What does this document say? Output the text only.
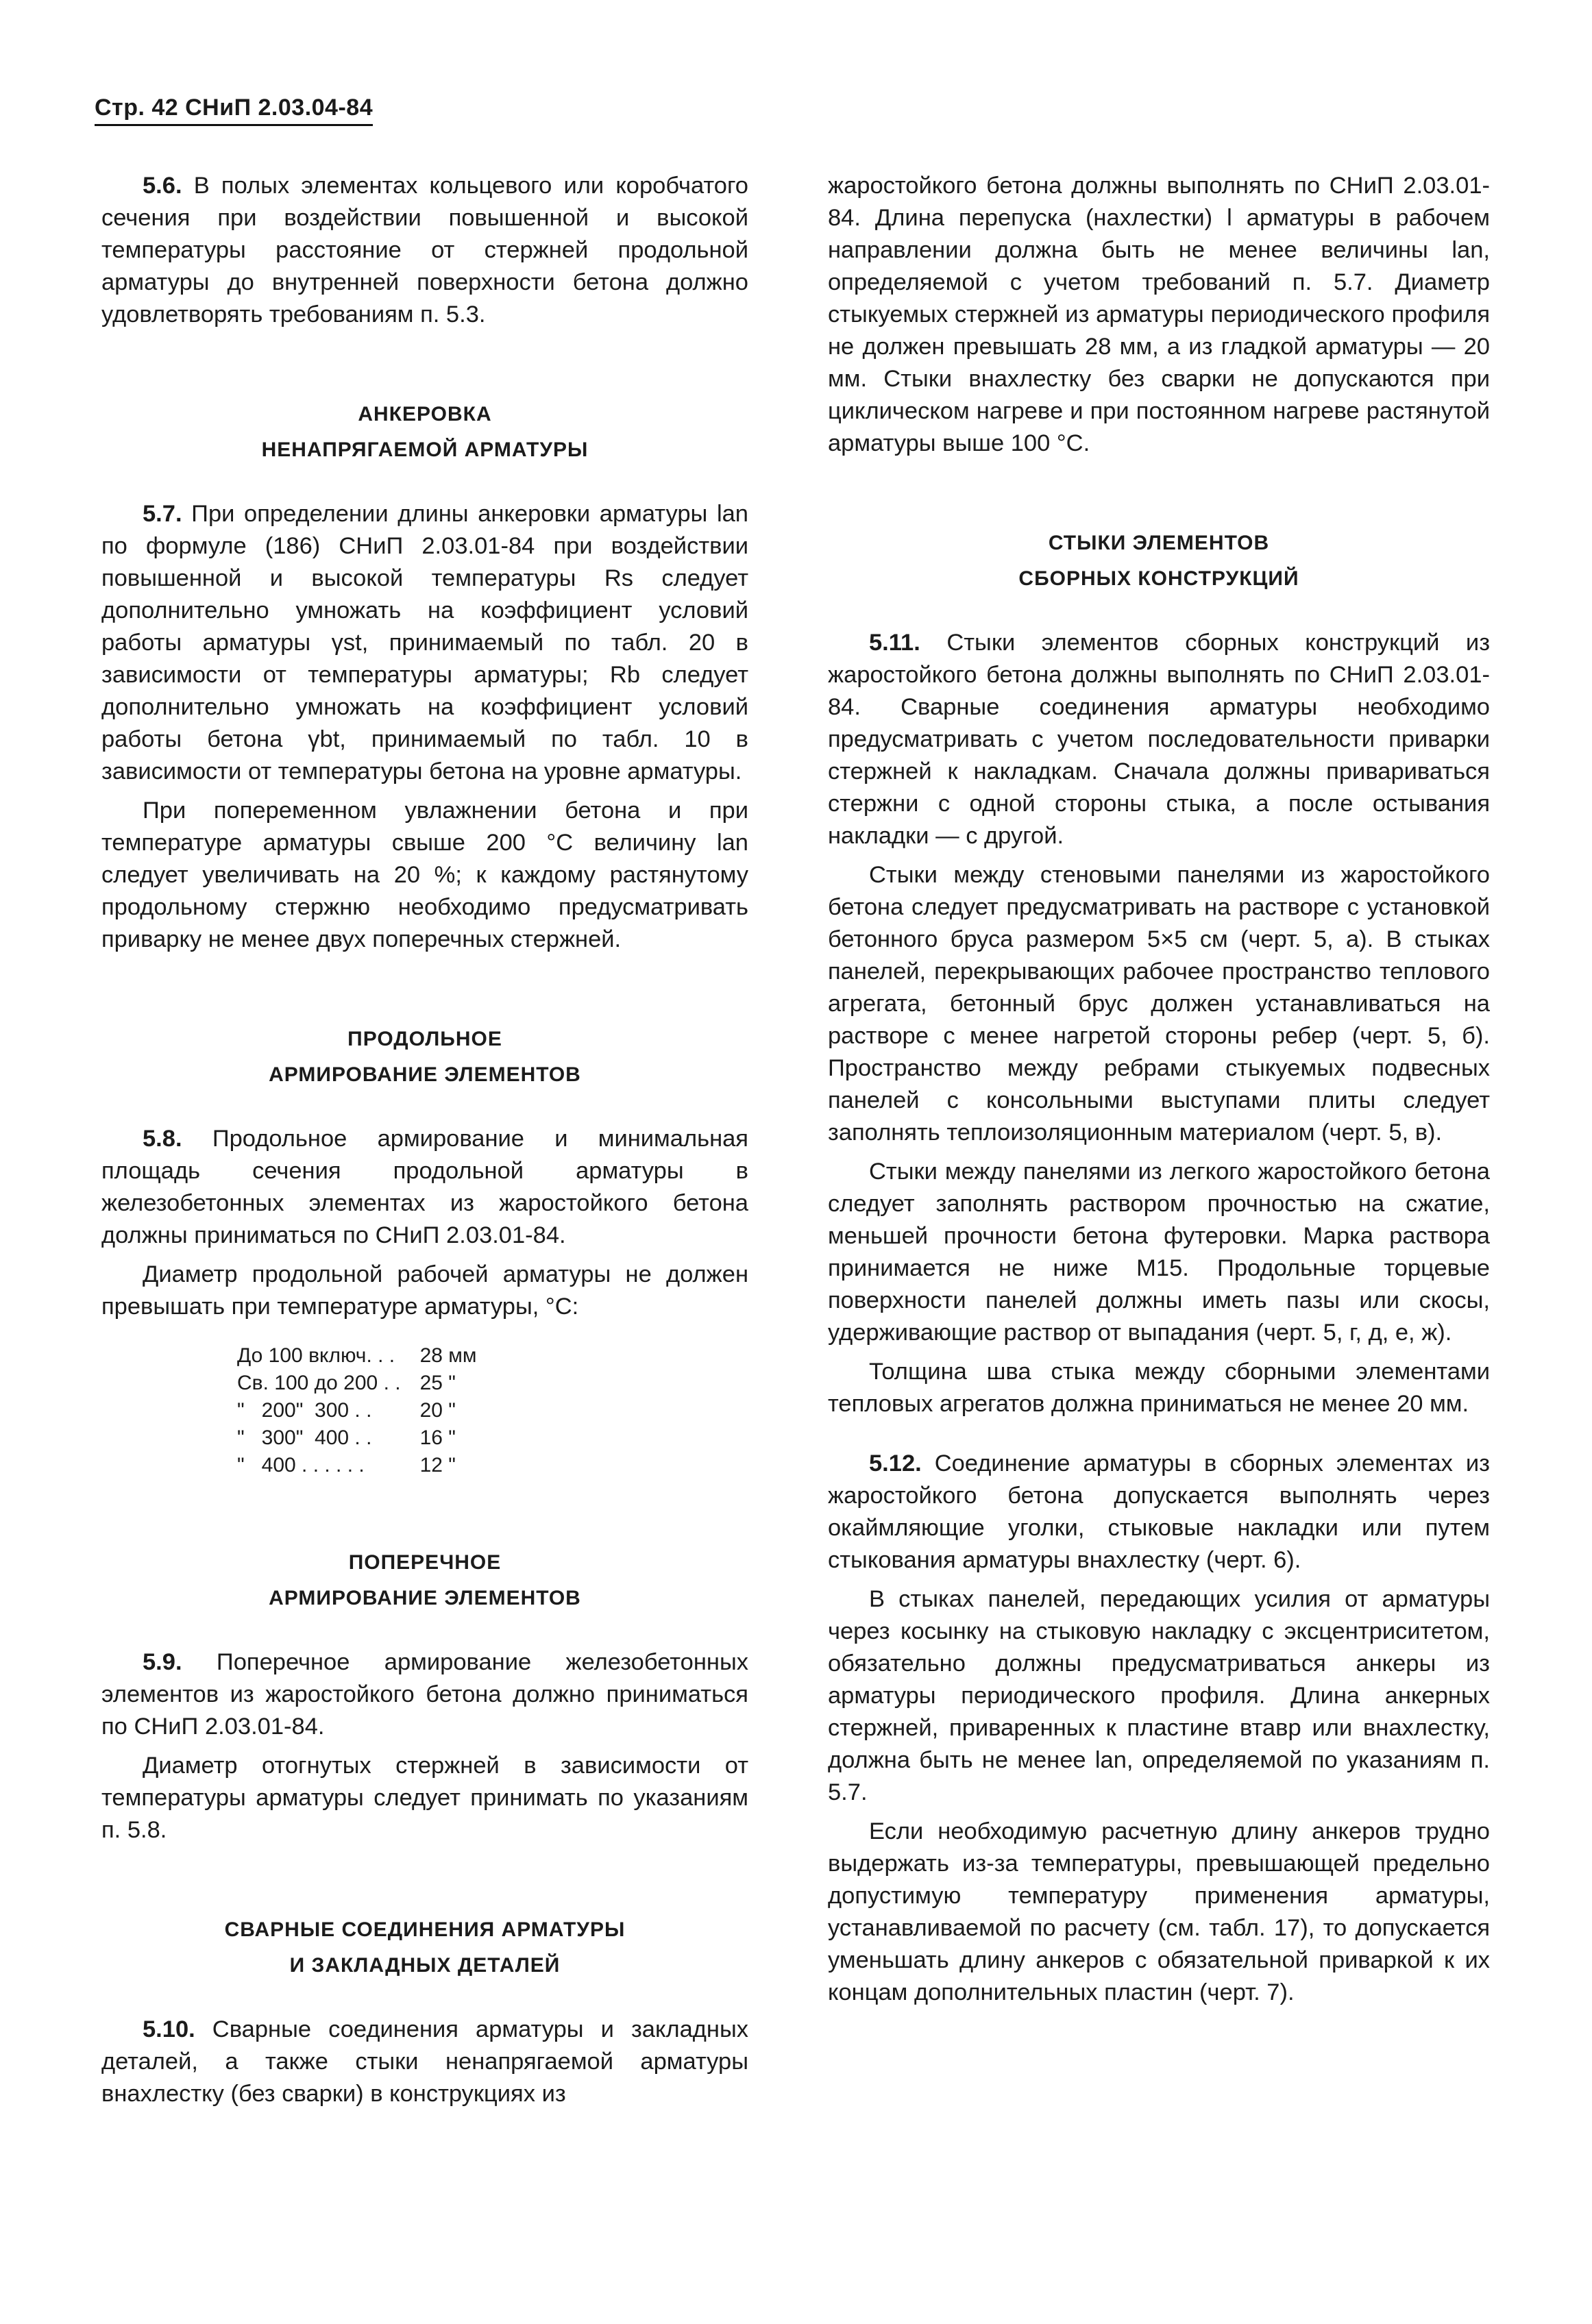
Стр. 42 СНиП 2.03.04-84

5.6. В полых элементах кольцевого или коробчатого сечения при воздействии повышенной и высокой температуры расстояние от стержней продольной арматуры до внутренней поверхности бетона должно удовлетворять требованиям п. 5.3.

АНКЕРОВКА

НЕНАПРЯГАЕМОЙ АРМАТУРЫ

5.7. При определении длины анкеровки арматуры lan по формуле (186) СНиП 2.03.01-84 при воздействии повышенной и высокой температуры Rs следует дополнительно умножать на коэффициент условий работы арматуры γst, принимаемый по табл. 20 в зависимости от температуры арматуры; Rb следует дополнительно умножать на коэффициент условий работы бетона γbt, принимаемый по табл. 10 в зависимости от температуры бетона на уровне арматуры.

При попеременном увлажнении бетона и при температуре арматуры свыше 200 °С величину lan следует увеличивать на 20 %; к каждому растянутому продольному стержню необходимо предусматривать приварку не менее двух поперечных стержней.

ПРОДОЛЬНОЕ

АРМИРОВАНИЕ ЭЛЕМЕНТОВ

5.8. Продольное армирование и минимальная площадь сечения продольной арматуры в железобетонных элементах из жаростойкого бетона должны приниматься по СНиП 2.03.01-84.

Диаметр продольной рабочей арматуры не должен превышать при температуре арматуры, °С:

До 100 включ. . .	28 мм
Св. 100 до 200 . .	25 "
"   200"  300 . .	20 "
"   300"  400 . .	16 "
"   400 . . . . . .	12 "

ПОПЕРЕЧНОЕ

АРМИРОВАНИЕ ЭЛЕМЕНТОВ

5.9. Поперечное армирование железобетонных элементов из жаростойкого бетона должно приниматься по СНиП 2.03.01-84.

Диаметр отогнутых стержней в зависимости от температуры арматуры следует принимать по указаниям п. 5.8.

СВАРНЫЕ СОЕДИНЕНИЯ АРМАТУРЫ

И ЗАКЛАДНЫХ ДЕТАЛЕЙ

5.10. Сварные соединения арматуры и закладных деталей, а также стыки ненапрягаемой арматуры внахлестку (без сварки) в конструкциях из

жаростойкого бетона должны выполнять по СНиП 2.03.01-84. Длина перепуска (нахлестки) l арматуры в рабочем направлении должна быть не менее величины lan, определяемой с учетом требований п. 5.7. Диаметр стыкуемых стержней из арматуры периодического профиля не должен превышать 28 мм, а из гладкой арматуры — 20 мм. Стыки внахлестку без сварки не допускаются при циклическом нагреве и при постоянном нагреве растянутой арматуры выше 100 °С.

СТЫКИ ЭЛЕМЕНТОВ

СБОРНЫХ КОНСТРУКЦИЙ

5.11. Стыки элементов сборных конструкций из жаростойкого бетона должны выполнять по СНиП 2.03.01-84. Сварные соединения арматуры необходимо предусматривать с учетом последовательности приварки стержней к накладкам. Сначала должны привариваться стержни с одной стороны стыка, а после остывания накладки — с другой.

Стыки между стеновыми панелями из жаростойкого бетона следует предусматривать на растворе с установкой бетонного бруса размером 5×5 см (черт. 5, а). В стыках панелей, перекрывающих рабочее пространство теплового агрегата, бетонный брус должен устанавливаться на растворе с менее нагретой стороны ребер (черт. 5, б). Пространство между ребрами стыкуемых подвесных панелей с консольными выступами плиты следует заполнять теплоизоляционным материалом (черт. 5, в).

Стыки между панелями из легкого жаростойкого бетона следует заполнять раствором прочностью на сжатие, меньшей прочности бетона футеровки. Марка раствора принимается не ниже М15. Продольные торцевые поверхности панелей должны иметь пазы или скосы, удерживающие раствор от выпадания (черт. 5, г, д, е, ж).

Толщина шва стыка между сборными элементами тепловых агрегатов должна приниматься не менее 20 мм.

5.12. Соединение арматуры в сборных элементах из жаростойкого бетона допускается выполнять через окаймляющие уголки, стыковые накладки или путем стыкования арматуры внахлестку (черт. 6).

В стыках панелей, передающих усилия от арматуры через косынку на стыковую накладку с эксцентриситетом, обязательно должны предусматриваться анкеры из арматуры периодического профиля. Длина анкерных стержней, приваренных к пластине втавр или внахлестку, должна быть не менее lan, определяемой по указаниям п. 5.7.

Если необходимую расчетную длину анкеров трудно выдержать из-за температуры, превышающей предельно допустимую температуру применения арматуры, устанавливаемой по расчету (см. табл. 17), то допускается уменьшать длину анкеров с обязательной приваркой к их концам дополнительных пластин (черт. 7).
